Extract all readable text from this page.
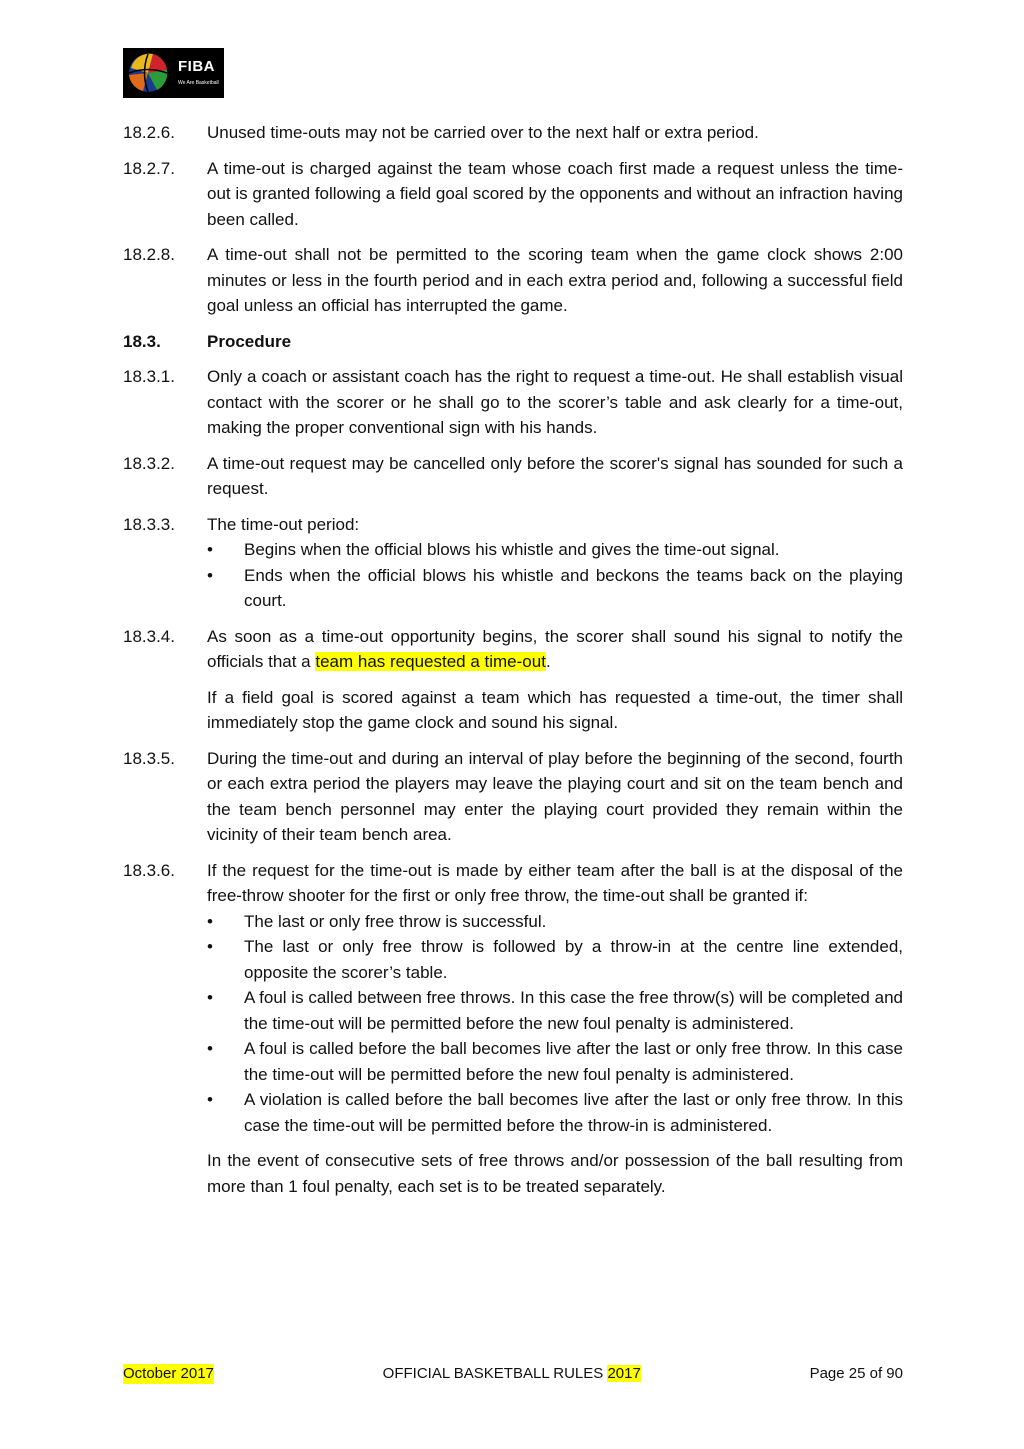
FIBA
We Are Basketball
18.2.6.	Unused time-outs may not be carried over to the next half or extra period.
18.2.7.	A time-out is charged against the team whose coach first made a request unless the time-out is granted following a field goal scored by the opponents and without an infraction having been called.
18.2.8.	A time-out shall not be permitted to the scoring team when the game clock shows 2:00 minutes or less in the fourth period and in each extra period and, following a successful field goal unless an official has interrupted the game.
18.3.	Procedure
18.3.1.	Only a coach or assistant coach has the right to request a time-out. He shall establish visual contact with the scorer or he shall go to the scorer’s table and ask clearly for a time-out, making the proper conventional sign with his hands.
18.3.2.	A time-out request may be cancelled only before the scorer's signal has sounded for such a request.
18.3.3.	The time-out period:
• Begins when the official blows his whistle and gives the time-out signal.
• Ends when the official blows his whistle and beckons the teams back on the playing court.
18.3.4.	As soon as a time-out opportunity begins, the scorer shall sound his signal to notify the officials that a team has requested a time-out.
If a field goal is scored against a team which has requested a time-out, the timer shall immediately stop the game clock and sound his signal.
18.3.5.	During the time-out and during an interval of play before the beginning of the second, fourth or each extra period the players may leave the playing court and sit on the team bench and the team bench personnel may enter the playing court provided they remain within the vicinity of their team bench area.
18.3.6.	If the request for the time-out is made by either team after the ball is at the disposal of the free-throw shooter for the first or only free throw, the time-out shall be granted if:
• The last or only free throw is successful.
• The last or only free throw is followed by a throw-in at the centre line extended, opposite the scorer’s table.
• A foul is called between free throws. In this case the free throw(s) will be completed and the time-out will be permitted before the new foul penalty is administered.
• A foul is called before the ball becomes live after the last or only free throw. In this case the time-out will be permitted before the new foul penalty is administered.
• A violation is called before the ball becomes live after the last or only free throw. In this case the time-out will be permitted before the throw-in is administered.
In the event of consecutive sets of free throws and/or possession of the ball resulting from more than 1 foul penalty, each set is to be treated separately.
October 2017	OFFICIAL BASKETBALL RULES 2017	Page 25 of 90
